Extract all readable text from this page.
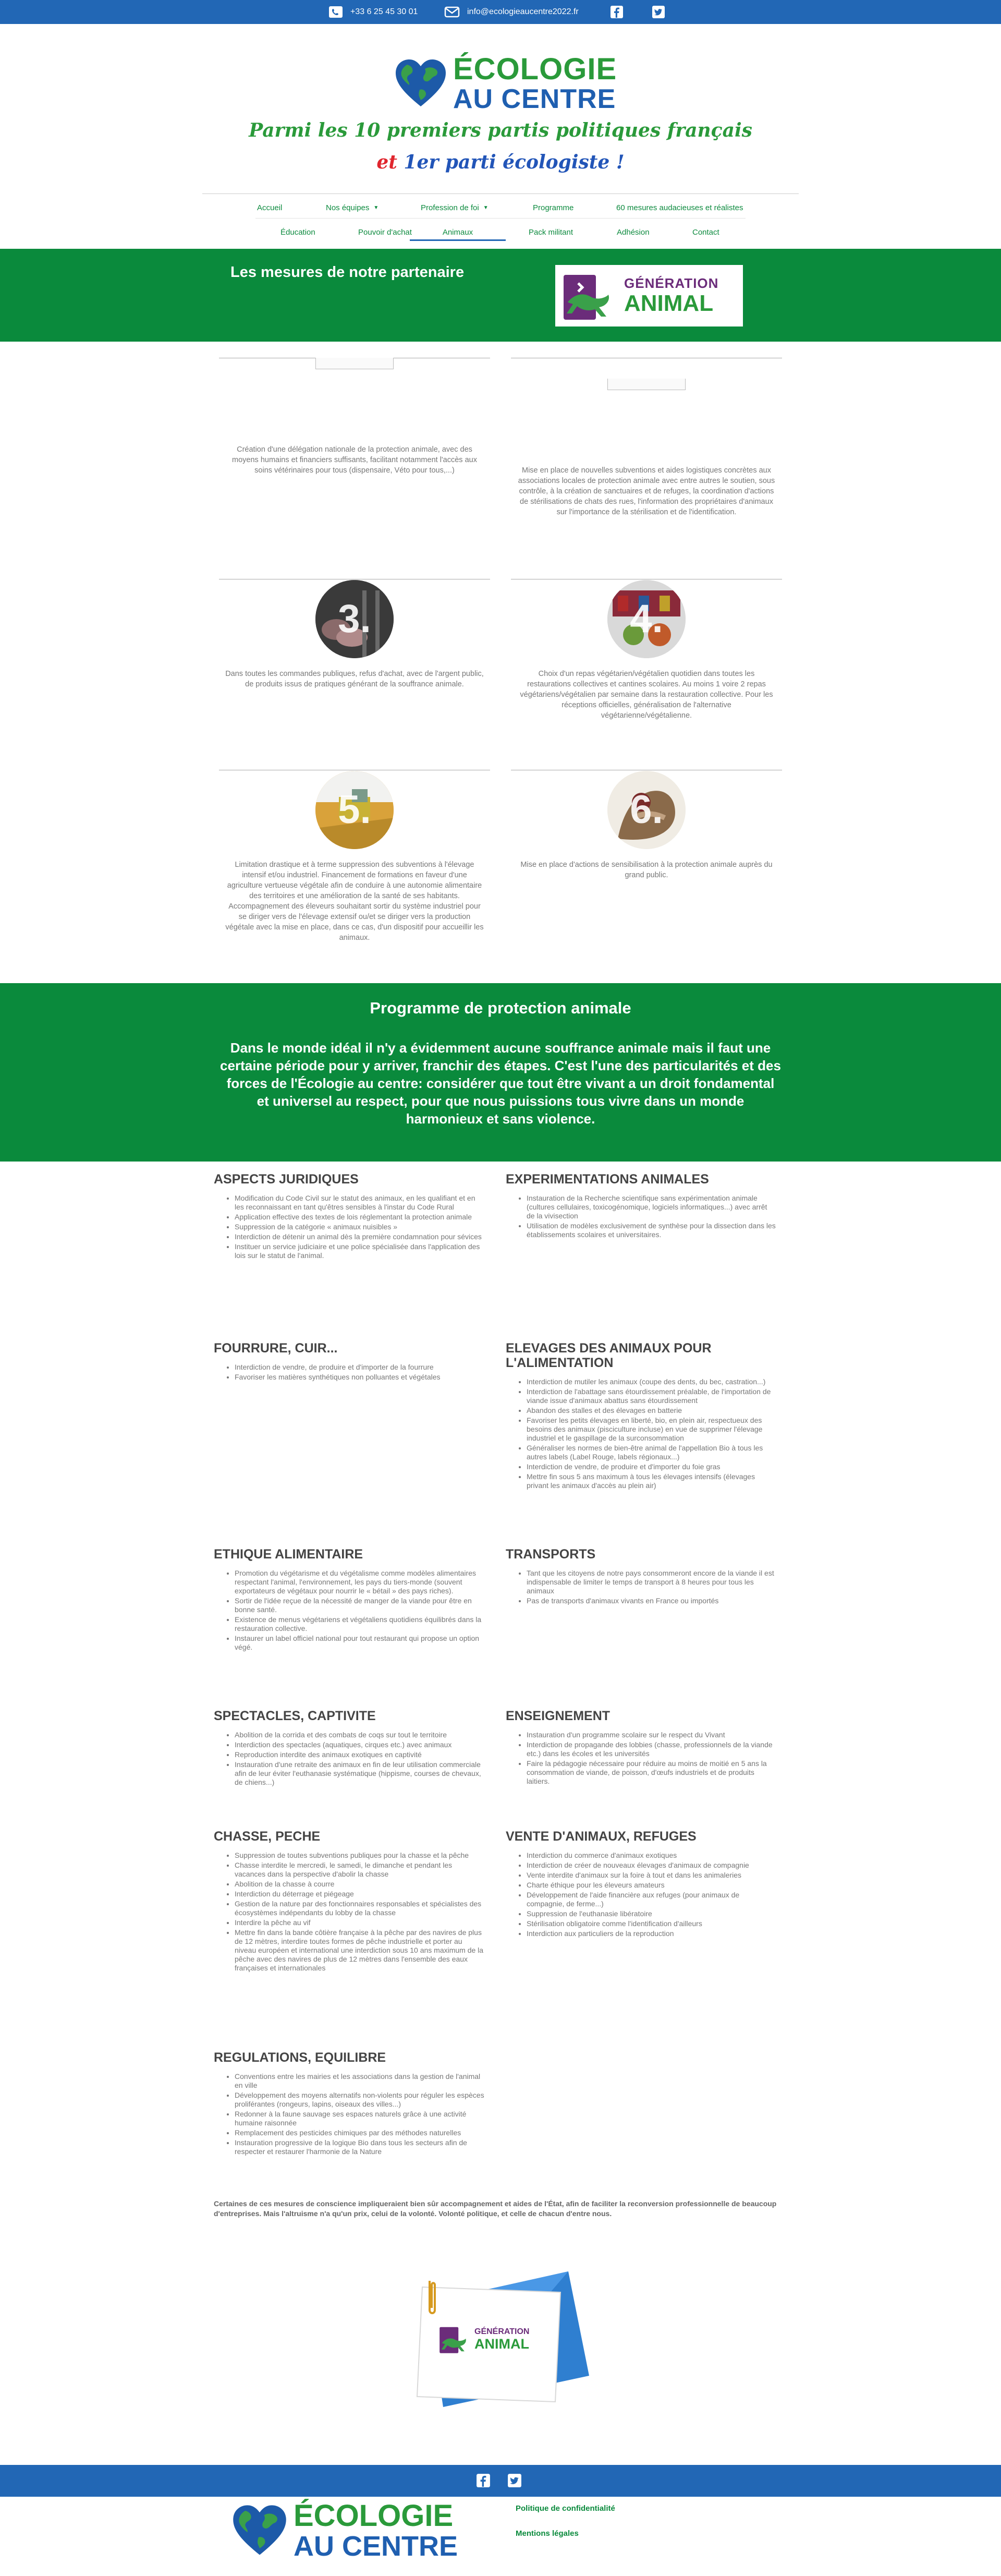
+33 6 25 45 30 01	info@ecologieaucentre2022.fr
ÉCOLOGIE
AU CENTRE
Parmi les 10 premiers partis politiques français
et 1er parti écologiste !
Accueil	Nos équipes ▼	Profession de foi ▼	Programme	60 mesures audacieuses et réalistes
Éducation	Pouvoir d'achat	Animaux	Pack militant	Adhésion	Contact
Les mesures de notre partenaire
GÉNÉRATION
ANIMAL
Création d'une délégation nationale de la protection animale, avec des moyens humains et financiers suffisants, facilitant notamment l'accès aux soins vétérinaires pour tous (dispensaire, Véto pour tous,...)	Mise en place de nouvelles subventions et aides logistiques concrètes aux associations locales de protection animale avec entre autres le soutien, sous contrôle, à la création de sanctuaires et de refuges, la coordination d'actions de stérilisations de chats des rues, l'information des propriétaires d'animaux sur l'importance de la stérilisation et de l'identification.
3.
Dans toutes les commandes publiques, refus d'achat, avec de l'argent public, de produits issus de pratiques générant de la souffrance animale.
4.
Choix d'un repas végétarien/végétalien quotidien dans toutes les restaurations collectives et cantines scolaires. Au moins 1 voire 2 repas végétariens/végétalien par semaine dans la restauration collective. Pour les réceptions officielles, généralisation de l'alternative végétarienne/végétalienne.
5.
Limitation drastique et à terme suppression des subventions à l'élevage intensif et/ou industriel. Financement de formations en faveur d'une agriculture vertueuse végétale afin de conduire à une autonomie alimentaire des territoires et une amélioration de la santé de ses habitants. Accompagnement des éleveurs souhaitant sortir du système industriel pour se diriger vers de l'élevage extensif ou/et se diriger vers la production végétale avec la mise en place, dans ce cas, d'un dispositif pour accueillir les animaux.
6.
Mise en place d'actions de sensibilisation à la protection animale auprès du grand public.
Programme de protection animale
Dans le monde idéal il n'y a évidemment aucune souffrance animale mais il faut une certaine période pour y arriver, franchir des étapes. C'est l'une des particularités et des forces de l'Écologie au centre: considérer que tout être vivant a un droit fondamental et universel au respect, pour que nous puissions tous vivre dans un monde harmonieux et sans violence.
ASPECTS JURIDIQUES
• Modification du Code Civil sur le statut des animaux, en les qualifiant et en les reconnaissant en tant qu'êtres sensibles à l'instar du Code Rural
• Application effective des textes de lois réglementant la protection animale
• Suppression de la catégorie « animaux nuisibles »
• Interdiction de détenir un animal dès la première condamnation pour sévices
• Instituer un service judiciaire et une police spécialisée dans l'application des lois sur le statut de l'animal.
EXPERIMENTATIONS ANIMALES
• Instauration de la Recherche scientifique sans expérimentation animale (cultures cellulaires, toxicogénomique, logiciels informatiques...) avec arrêt de la vivisection
• Utilisation de modèles exclusivement de synthèse pour la dissection dans les établissements scolaires et universitaires.
FOURRURE, CUIR...
• Interdiction de vendre, de produire et d'importer de la fourrure
• Favoriser les matières synthétiques non polluantes et végétales
ELEVAGES DES ANIMAUX POUR L'ALIMENTATION
• Interdiction de mutiler les animaux (coupe des dents, du bec, castration...)
• Interdiction de l'abattage sans étourdissement préalable, de l'importation de viande issue d'animaux abattus sans étourdissement
• Abandon des stalles et des élevages en batterie
• Favoriser les petits élevages en liberté, bio, en plein air, respectueux des besoins des animaux (pisciculture incluse) en vue de supprimer l'élevage industriel et le gaspillage de la surconsommation
• Généraliser les normes de bien-être animal de l'appellation Bio à tous les autres labels (Label Rouge, labels régionaux...)
• Interdiction de vendre, de produire et d'importer du foie gras
• Mettre fin sous 5 ans maximum à tous les élevages intensifs (élevages privant les animaux d'accès au plein air)
ETHIQUE ALIMENTAIRE
• Promotion du végétarisme et du végétalisme comme modèles alimentaires respectant l'animal, l'environnement, les pays du tiers-monde (souvent exportateurs de végétaux pour nourrir le « bétail » des pays riches).
• Sortir de l'idée reçue de la nécessité de manger de la viande pour être en bonne santé.
• Existence de menus végétariens et végétaliens quotidiens équilibrés dans la restauration collective.
• Instaurer un label officiel national pour tout restaurant qui propose un option végé.
TRANSPORTS
• Tant que les citoyens de notre pays consommeront encore de la viande il est indispensable de limiter le temps de transport à 8 heures pour tous les animaux
• Pas de transports d'animaux vivants en France ou importés
SPECTACLES, CAPTIVITE
• Abolition de la corrida et des combats de coqs sur tout le territoire
• Interdiction des spectacles (aquatiques, cirques etc.) avec animaux
• Reproduction interdite des animaux exotiques en captivité
• Instauration d'une retraite des animaux en fin de leur utilisation commerciale afin de leur éviter l'euthanasie systématique (hippisme, courses de chevaux, de chiens...)
ENSEIGNEMENT
• Instauration d'un programme scolaire sur le respect du Vivant
• Interdiction de propagande des lobbies (chasse, professionnels de la viande etc.) dans les écoles et les universités
• Faire la pédagogie nécessaire pour réduire au moins de moitié en 5 ans la consommation de viande, de poisson, d'œufs industriels et de produits laitiers.
CHASSE, PECHE
• Suppression de toutes subventions publiques pour la chasse et la pêche
• Chasse interdite le mercredi, le samedi, le dimanche et pendant les vacances dans la perspective d'abolir la chasse
• Abolition de la chasse à courre
• Interdiction du déterrage et piégeage
• Gestion de la nature par des fonctionnaires responsables et spécialistes des écosystèmes indépendants du lobby de la chasse
• Interdire la pêche au vif
• Mettre fin dans la bande côtière française à la pêche par des navires de plus de 12 mètres, interdire toutes formes de pêche industrielle et porter au niveau européen et international une interdiction sous 10 ans maximum de la pêche avec des navires de plus de 12 mètres dans l'ensemble des eaux françaises et internationales
VENTE D'ANIMAUX, REFUGES
• Interdiction du commerce d'animaux exotiques
• Interdiction de créer de nouveaux élevages d'animaux de compagnie
• Vente interdite d'animaux sur la foire à tout et dans les animaleries
• Charte éthique pour les éleveurs amateurs
• Développement de l'aide financière aux refuges (pour animaux de compagnie, de ferme...)
• Suppression de l'euthanasie libératoire
• Stérilisation obligatoire comme l'identification d'ailleurs
• Interdiction aux particuliers de la reproduction
REGULATIONS, EQUILIBRE
• Conventions entre les mairies et les associations dans la gestion de l'animal en ville
• Développement des moyens alternatifs non-violents pour réguler les espèces proliférantes (rongeurs, lapins, oiseaux des villes...)
• Redonner à la faune sauvage ses espaces naturels grâce à une activité humaine raisonnée
• Remplacement des pesticides chimiques par des méthodes naturelles
• Instauration progressive de la logique Bio dans tous les secteurs afin de respecter et restaurer l'harmonie de la Nature
Certaines de ces mesures de conscience impliqueraient bien sûr accompagnement et aides de l'État, afin de faciliter la reconversion professionnelle de beaucoup d'entreprises. Mais l'altruisme n'a qu'un prix, celui de la volonté. Volonté politique, et celle de chacun d'entre nous.
GÉNÉRATION
ANIMAL
ÉCOLOGIE
AU CENTRE
Politique de confidentialité
Mentions légales
